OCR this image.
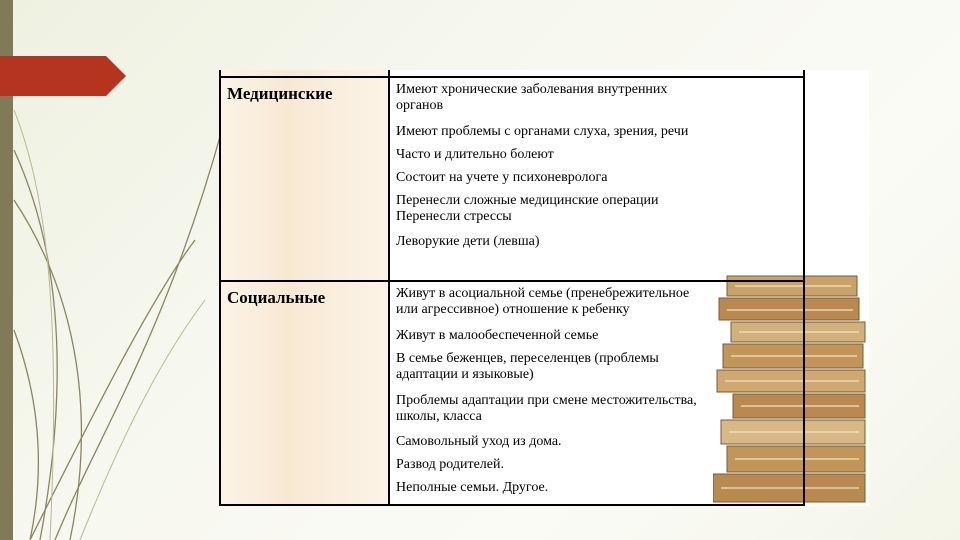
Медицинские	Имеют хронические заболевания внутренних
органов
Имеют проблемы с органами слуха, зрения, речи
Часто и длительно болеют
Состоит на учете у психоневролога
Перенесли сложные медицинские операции
Перенесли стрессы
Леворукие дети (левша)
Социальные	Живут в асоциальной семье (пренебрежительное
или агрессивное) отношение к ребенку
Живут в малообеспеченной семье
В семье беженцев, переселенцев (проблемы
адаптации и языковые)
Проблемы адаптации при смене местожительства,
школы, класса
Самовольный уход из дома.
Развод родителей.
Неполные семьи. Другое.
